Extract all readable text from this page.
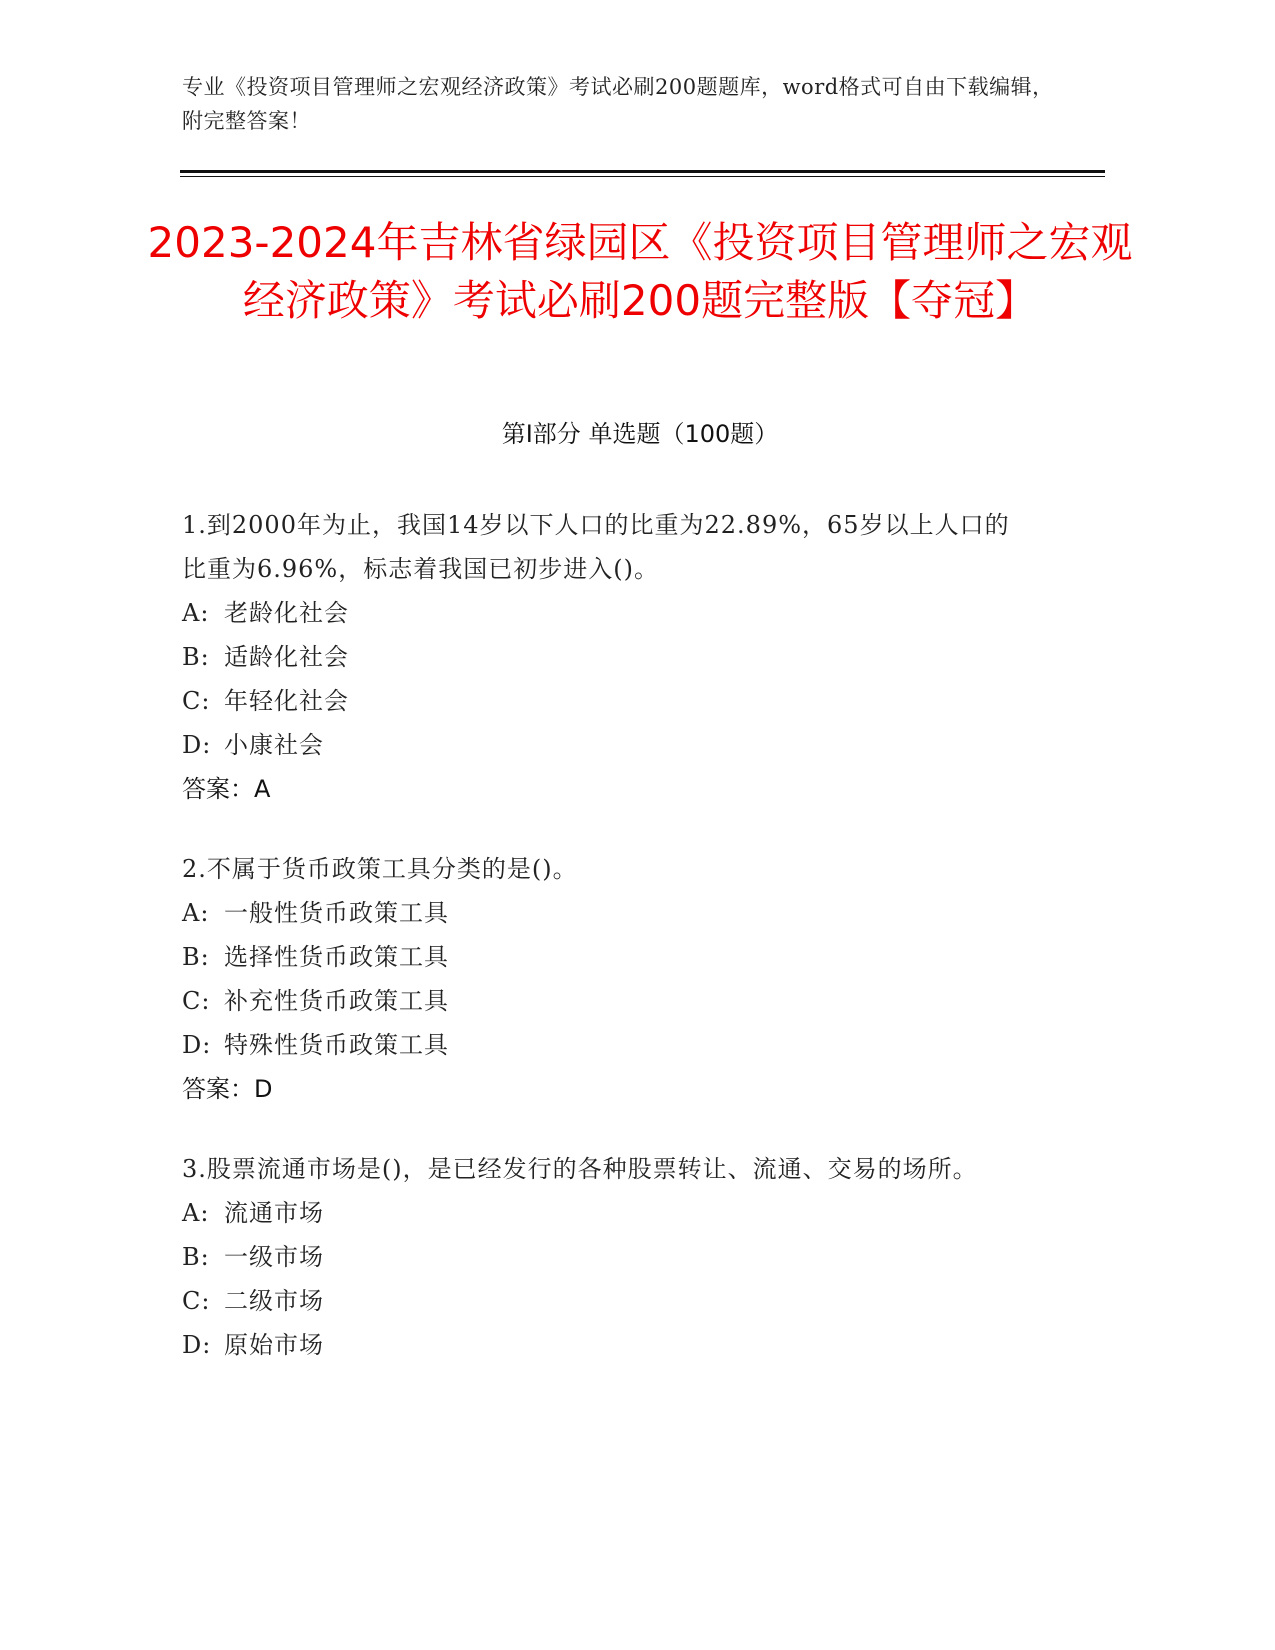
专业《投资项目管理师之宏观经济政策》考试必刷200题题库，word格式可自由下载编辑，附完整答案！
2023-2024年吉林省绿园区《投资项目管理师之宏观经济政策》考试必刷200题完整版【夺冠】
第Ⅰ部分 单选题（100题）
1.到2000年为止，我国14岁以下人口的比重为22.89%，65岁以上人口的比重为6.96%，标志着我国已初步进入()。
A: 老龄化社会
B: 适龄化社会
C: 年轻化社会
D: 小康社会
答案：A
2.不属于货币政策工具分类的是()。
A: 一般性货币政策工具
B: 选择性货币政策工具
C: 补充性货币政策工具
D: 特殊性货币政策工具
答案：D
3.股票流通市场是()，是已经发行的各种股票转让、流通、交易的场所。
A: 流通市场
B: 一级市场
C: 二级市场
D: 原始市场
